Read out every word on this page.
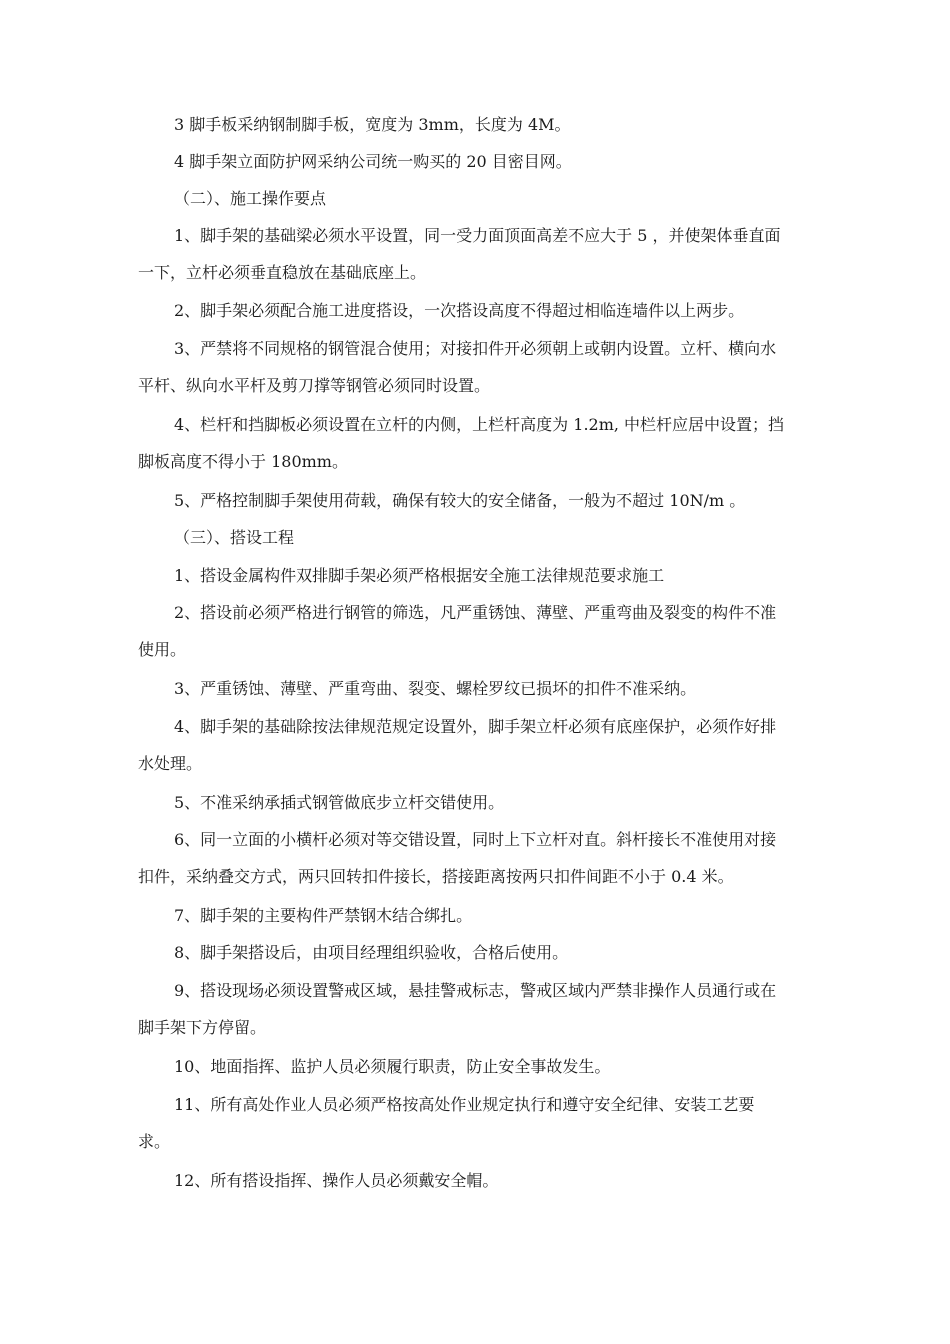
3 脚手板采纳钢制脚手板，宽度为 3mm，长度为 4M。

4 脚手架立面防护网采纳公司统一购买的 20 目密目网。

（二）、施工操作要点

1、脚手架的基础梁必须水平设置，同一受力面顶面高差不应大于 5 ，并使架体垂直面

一下，立杆必须垂直稳放在基础底座上。

2、脚手架必须配合施工进度搭设，一次搭设高度不得超过相临连墙件以上两步。

3、严禁将不同规格的钢管混合使用；对接扣件开必须朝上或朝内设置。立杆、横向水

平杆、纵向水平杆及剪刀撑等钢管必须同时设置。

4、栏杆和挡脚板必须设置在立杆的内侧，上栏杆高度为 1.2m, 中栏杆应居中设置；挡

脚板高度不得小于 180mm。

5、严格控制脚手架使用荷载，确保有较大的安全储备，一般为不超过 10N/m 。

（三）、搭设工程

1、搭设金属构件双排脚手架必须严格根据安全施工法律规范要求施工

2、搭设前必须严格进行钢管的筛选，凡严重锈蚀、薄壁、严重弯曲及裂变的构件不准

使用。

3、严重锈蚀、薄壁、严重弯曲、裂变、螺栓罗纹已损坏的扣件不准采纳。

4、脚手架的基础除按法律规范规定设置外，脚手架立杆必须有底座保护，必须作好排

水处理。

5、不准采纳承插式钢管做底步立杆交错使用。

6、同一立面的小横杆必须对等交错设置，同时上下立杆对直。斜杆接长不准使用对接

扣件，采纳叠交方式，两只回转扣件接长，搭接距离按两只扣件间距不小于 0.4 米。

7、脚手架的主要构件严禁钢木结合绑扎。

8、脚手架搭设后，由项目经理组织验收，合格后使用。

9、搭设现场必须设置警戒区域，悬挂警戒标志，警戒区域内严禁非操作人员通行或在

脚手架下方停留。

10、地面指挥、监护人员必须履行职责，防止安全事故发生。

11、所有高处作业人员必须严格按高处作业规定执行和遵守安全纪律、安装工艺要

求。

12、所有搭设指挥、操作人员必须戴安全帽。
